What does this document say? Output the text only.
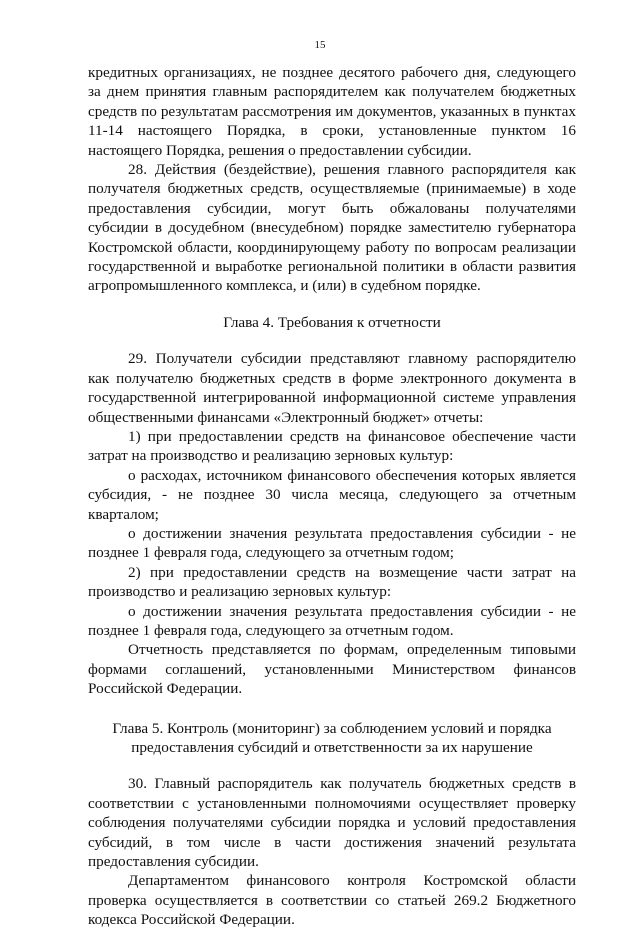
15

кредитных организациях, не позднее десятого рабочего дня, следующего за днем принятия главным распорядителем как получателем бюджетных средств по результатам рассмотрения им документов, указанных в пунктах 11-14 настоящего Порядка, в сроки, установленные пунктом 16 настоящего Порядка, решения о предоставлении субсидии.

28. Действия (бездействие), решения главного распорядителя как получателя бюджетных средств, осуществляемые (принимаемые) в ходе предоставления субсидии, могут быть обжалованы получателями субсидии в досудебном (внесудебном) порядке заместителю губернатора Костромской области, координирующему работу по вопросам реализации государственной и выработке региональной политики в области развития агропромышленного комплекса, и (или) в судебном порядке.

Глава 4. Требования к отчетности

29. Получатели субсидии представляют главному распорядителю как получателю бюджетных средств в форме электронного документа в государственной интегрированной информационной системе управления общественными финансами «Электронный бюджет» отчеты:

1) при предоставлении средств на финансовое обеспечение части затрат на производство и реализацию зерновых культур:

о расходах, источником финансового обеспечения которых является субсидия, - не позднее 30 числа месяца, следующего за отчетным кварталом;

о достижении значения результата предоставления субсидии - не позднее 1 февраля года, следующего за отчетным годом;

2) при предоставлении средств на возмещение части затрат на производство и реализацию зерновых культур:

о достижении значения результата предоставления субсидии - не позднее 1 февраля года, следующего за отчетным годом.

Отчетность представляется по формам, определенным типовыми формами соглашений, установленными Министерством финансов Российской Федерации.

Глава 5. Контроль (мониторинг) за соблюдением условий и порядка

предоставления субсидий и ответственности за их нарушение

30. Главный распорядитель как получатель бюджетных средств в соответствии с установленными полномочиями осуществляет проверку соблюдения получателями субсидии порядка и условий предоставления субсидий, в том числе в части достижения значений результата предоставления субсидии.

Департаментом финансового контроля Костромской области проверка осуществляется в соответствии со статьей 269.2 Бюджетного кодекса Российской Федерации.
